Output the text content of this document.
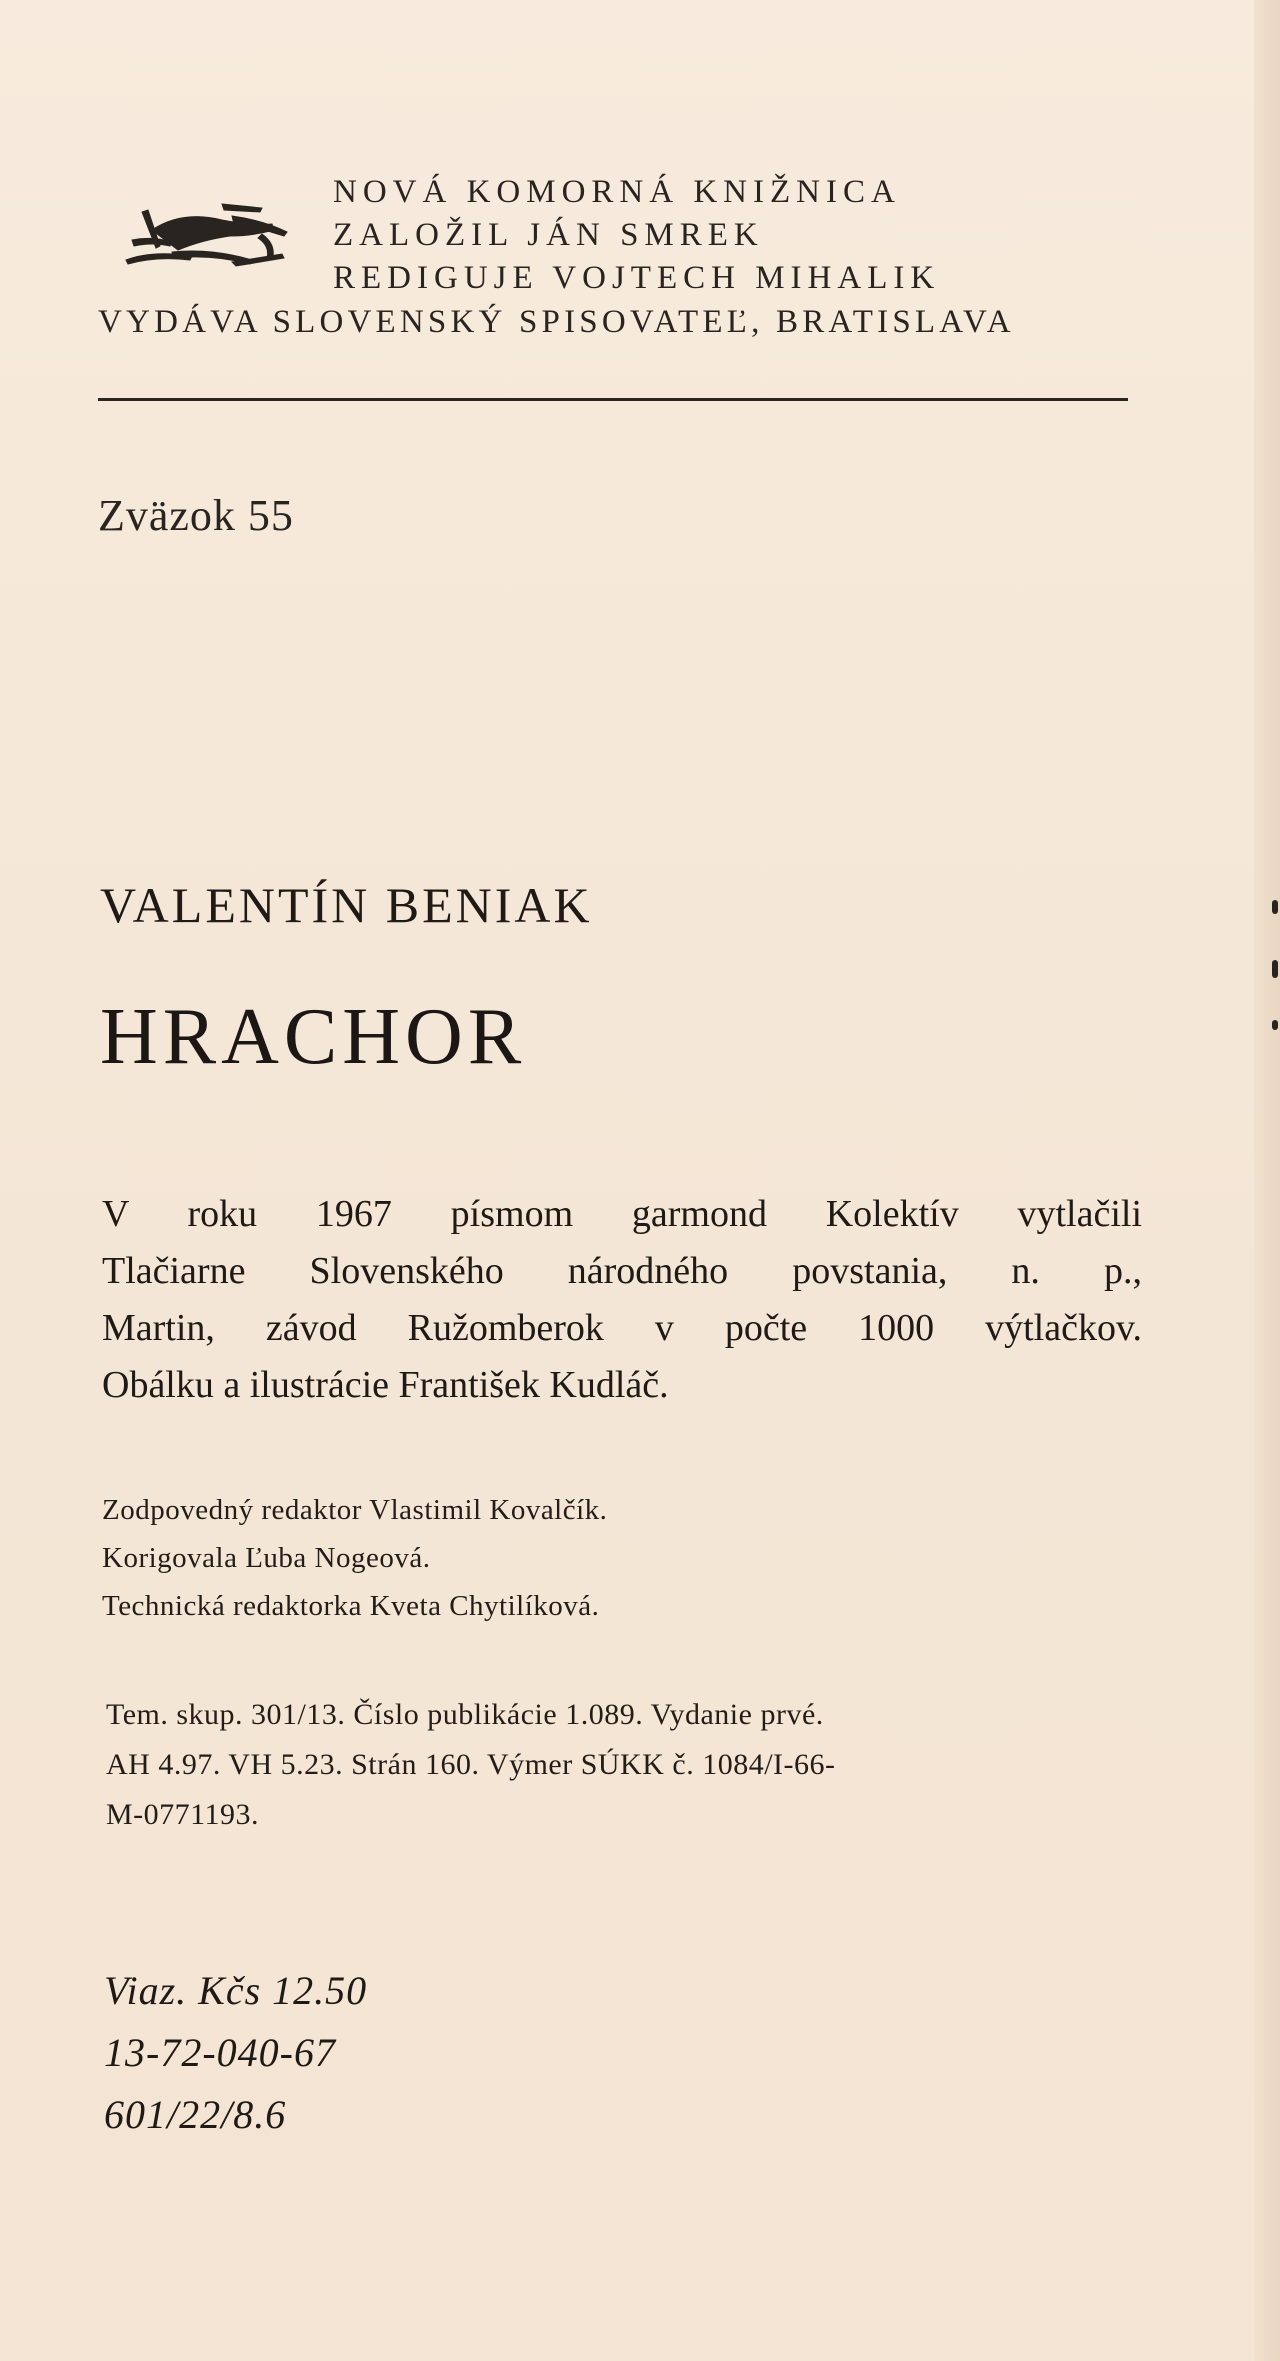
NOVÁ KOMORNÁ KNIŽNICA
ZALOŽIL JÁN SMREK
REDIGUJE VOJTECH MIHALIK
VYDÁVA SLOVENSKÝ SPISOVATEĽ, BRATISLAVA
Zväzok 55
VALENTÍN BENIAK
HRACHOR
V roku 1967 písmom garmond Kolektív vytlačili
Tlačiarne Slovenského národného povstania, n. p.,
Martin, závod Ružomberok v počte 1000 výtlačkov.
Obálku a ilustrácie František Kudláč.
Zodpovedný redaktor Vlastimil Kovalčík.
Korigovala Ľuba Nogeová.
Technická redaktorka Kveta Chytilíková.
Tem. skup. 301/13. Číslo publikácie 1.089. Vydanie prvé.
AH 4.97. VH 5.23. Strán 160. Výmer SÚKK č. 1084/I-66-
M-0771193.
Viaz. Kčs 12.50
13-72-040-67
601/22/8.6
